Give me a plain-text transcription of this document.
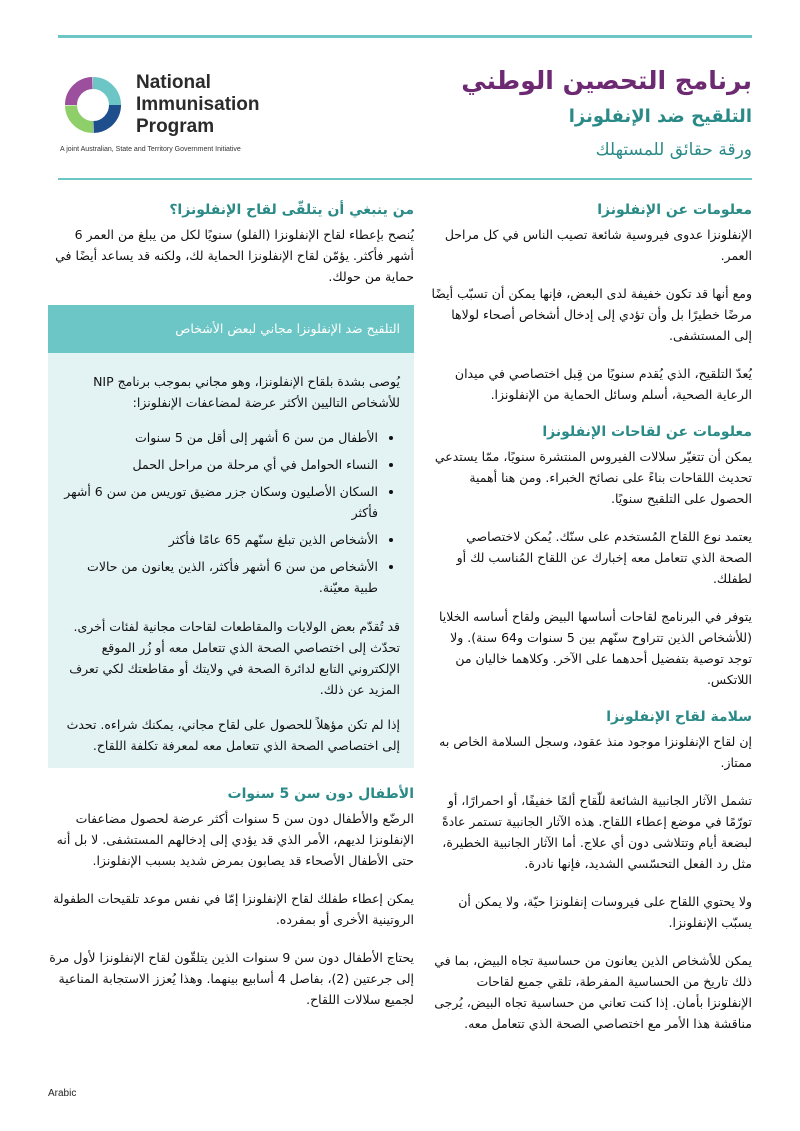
National
Immunisation
Program
A joint Australian, State and Territory Government Initiative
برنامج التحصين الوطني
التلقيح ضد الإنفلونزا
ورقة حقائق للمستهلك
معلومات عن الإنفلونزا

الإنفلونزا عدوى فيروسية شائعة تصيب الناس في كل مراحل العمر.

ومع أنها قد تكون خفيفة لدى البعض، فإنها يمكن أن تسبّب أيضًا مرضًا خطيرًا بل وأن تؤدي إلى إدخال أشخاص أصحاء لولاها إلى المستشفى.

يُعدّ التلقيح، الذي يُقدم سنويًا من قِبل اختصاصي في ميدان الرعاية الصحية، أسلم وسائل الحماية من الإنفلونزا.

معلومات عن لقاحات الإنفلونزا

يمكن أن تتغيّر سلالات الفيروس المنتشرة سنويًا، ممّا يستدعي تحديث اللقاحات بناءً على نصائح الخبراء. ومن هنا أهمية الحصول على التلقيح سنويًا.

يعتمد نوع اللقاح المُستخدم على سنّك. يُمكن لاختصاصي الصحة الذي تتعامل معه إخبارك عن اللقاح المُناسب لك أو لطفلك.

يتوفر في البرنامج لقاحات أساسها البيض ولقاح أساسه الخلايا (للأشخاص الذين تتراوح سنّهم بين 5 سنوات و64 سنة). ولا توجد توصية بتفضيل أحدهما على الآخر. وكلاهما خاليان من اللاتكس.

سلامة لقاح الإنفلونزا

إن لقاح الإنفلونزا موجود منذ عقود، وسجل السلامة الخاص به ممتاز.

تشمل الآثار الجانبية الشائعة للّقاح ألمًا خفيفًا، أو احمرارًا، أو تورّمًا في موضع إعطاء اللقاح. هذه الآثار الجانبية تستمر عادةً لبضعة أيام وتتلاشى دون أي علاج. أما الآثار الجانبية الخطيرة، مثل رد الفعل التحسّسي الشديد، فإنها نادرة.

ولا يحتوي اللقاح على فيروسات إنفلونزا حيّة، ولا يمكن أن يسبّب الإنفلونزا.

يمكن للأشخاص الذين يعانون من حساسية تجاه البيض، بما في ذلك تاريخ من الحساسية المفرطة، تلقي جميع لقاحات الإنفلونزا بأمان. إذا كنت تعاني من حساسية تجاه البيض، يُرجى مناقشة هذا الأمر مع اختصاصي الصحة الذي تتعامل معه.

من ينبغي أن يتلقّى لقاح الإنفلونزا؟

يُنصح بإعطاء لقاح الإنفلونزا (الفلو) سنويًا لكل من يبلغ من العمر 6 أشهر فأكثر. يؤمّن لقاح الإنفلونزا الحماية لك، ولكنه قد يساعد أيضًا في حماية من حولك.

التلقيح ضد الإنفلونزا مجاني لبعض الأشخاص

يُوصى بشدة بلقاح الإنفلونزا، وهو مجاني بموجب برنامج NIP للأشخاص التاليين الأكثر عرضة لمضاعفات الإنفلونزا:

• الأطفال من سن 6 أشهر إلى أقل من 5 سنوات
• النساء الحوامل في أي مرحلة من مراحل الحمل
• السكان الأصليون وسكان جزر مضيق توريس من سن 6 أشهر فأكثر
• الأشخاص الذين تبلغ سنّهم 65 عامًا فأكثر
• الأشخاص من سن 6 أشهر فأكثر، الذين يعانون من حالات طبية معيّنة.

قد تُقدّم بعض الولايات والمقاطعات لقاحات مجانية لفئات أخرى. تحدّث إلى اختصاصي الصحة الذي تتعامل معه أو زُر الموقع الإلكتروني التابع لدائرة الصحة في ولايتك أو مقاطعتك لكي تعرف المزيد عن ذلك.

إذا لم تكن مؤهلاً للحصول على لقاح مجاني، يمكنك شراءه. تحدث إلى اختصاصي الصحة الذي تتعامل معه لمعرفة تكلفة اللقاح.

الأطفال دون سن 5 سنوات

الرضّع والأطفال دون سن 5 سنوات أكثر عرضة لحصول مضاعفات الإنفلونزا لديهم، الأمر الذي قد يؤدي إلى إدخالهم المستشفى. لا بل أنه حتى الأطفال الأصحاء قد يصابون بمرض شديد بسبب الإنفلونزا.

يمكن إعطاء طفلك لقاح الإنفلونزا إمّا في نفس موعد تلقيحات الطفولة الروتينية الأخرى أو بمفرده.

يحتاج الأطفال دون سن 9 سنوات الذين يتلقّون لقاح الإنفلونزا لأول مرة إلى جرعتين (2)، بفاصل 4 أسابيع بينهما. وهذا يُعزز الاستجابة المناعية لجميع سلالات اللقاح.

Arabic
